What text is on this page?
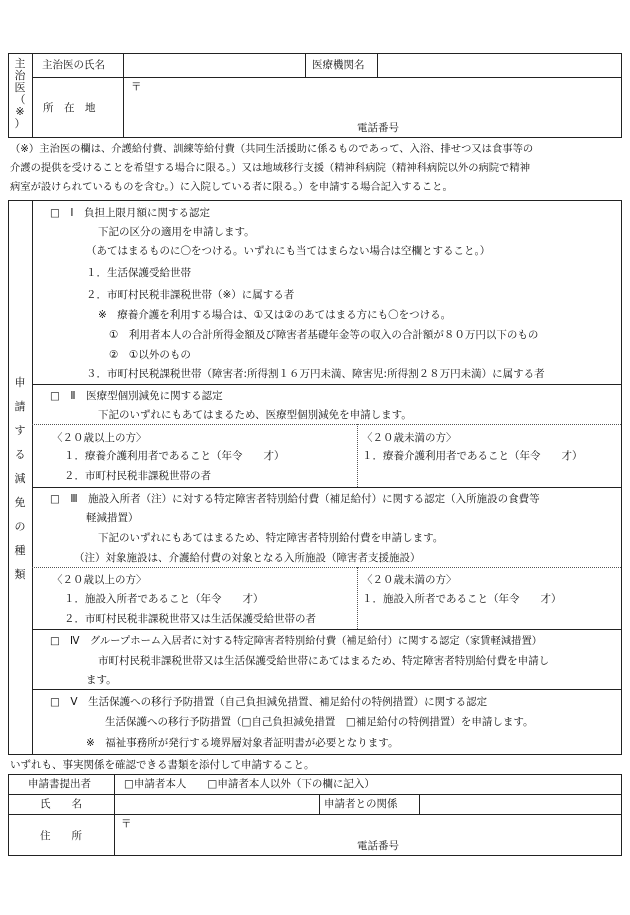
主
治
医
（
※
）
主治医の氏名	医療機関名
所　在　地
〒
電話番号
（※）主治医の欄は、介護給付費、訓練等給付費（共同生活援助に係るものであって、入浴、排せつ又は食事等の
介護の提供を受けることを希望する場合に限る。）又は地域移行支援（精神科病院（精神科病院以外の病院で精神
病室が設けられているものを含む。）に入院している者に限る。）を申請する場合記入すること。
申
請
す
る
減
免
の
種
類
□　Ⅰ　負担上限月額に関する認定
下記の区分の適用を申請します。
（あてはまるものに〇をつける。いずれにも当てはまらない場合は空欄とすること。）
１．生活保護受給世帯
２．市町村民税非課税世帯（※）に属する者
※　療養介護を利用する場合は、①又は②のあてはまる方にも〇をつける。
①　利用者本人の合計所得金額及び障害者基礎年金等の収入の合計額が８０万円以下のもの
②　①以外のもの
３．市町村民税課税世帯（障害者:所得割１６万円未満、障害児:所得割２８万円未満）に属する者
□　Ⅱ　医療型個別減免に関する認定
下記のいずれにもあてはまるため、医療型個別減免を申請します。
〈２０歳以上の方〉
１．療養介護利用者であること（年令　　才）
２．市町村民税非課税世帯の者
〈２０歳未満の方〉
１．療養介護利用者であること（年令　　才）
□　Ⅲ　施設入所者（注）に対する特定障害者特別給付費（補足給付）に関する認定（入所施設の食費等
軽減措置）
下記のいずれにもあてはまるため、特定障害者特別給付費を申請します。
（注）対象施設は、介護給付費の対象となる入所施設（障害者支援施設）
〈２０歳以上の方〉
１．施設入所者であること（年令　　才）
２．市町村民税非課税世帯又は生活保護受給世帯の者
〈２０歳未満の方〉
１．施設入所者であること（年令　　才）
□　Ⅳ　グループホーム入居者に対する特定障害者特別給付費（補足給付）に関する認定（家賃軽減措置）
市町村民税非課税世帯又は生活保護受給世帯にあてはまるため、特定障害者特別給付費を申請し
ます。
□　Ⅴ　生活保護への移行予防措置（自己負担減免措置、補足給付の特例措置）に関する認定
生活保護への移行予防措置（□自己負担減免措置　□補足給付の特例措置）を申請します。
※　福祉事務所が発行する境界層対象者証明書が必要となります。
いずれも、事実関係を確認できる書類を添付して申請すること。
申請書提出者	□申請者本人　　□申請者本人以外（下の欄に記入）
氏　　名	申請者との関係
住　　所
〒
電話番号
